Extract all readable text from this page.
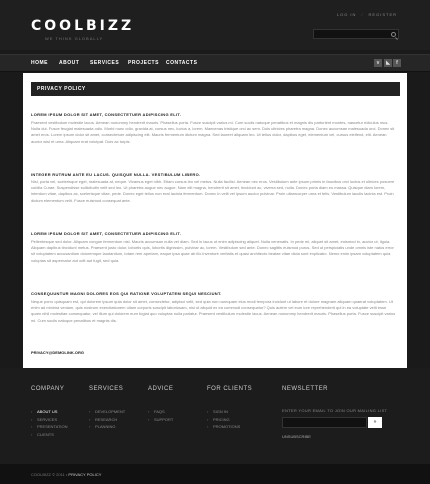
COOLBIZZ
WE THINK GLOBALLY
LOG IN / REGISTER
HOME ABOUT SERVICES PROJECTS CONTACTS	v	◣	f
PRIVACY POLICY
LOREM IPSUM DOLOR SIT AMET, CONSECTETUER ADIPISCING ELIT.
Praesent vestibulum molestie lacus. Aenean nonummy hendrerit mauris. Phasellus porta. Fusce suscipit varius mi. Cum sociis natoque penatibus et magnis dis parturient montes, nascetur ridiculus mus. Nulla dui. Fusce feugiat malesuada odio. Morbi nunc odio, gravida at, cursus nec, luctus a, lorem. Maecenas tristique orci ac sem. Duis ultricies pharetra magna. Donec accumsan malesuada orci. Donec sit amet eros. Lorem ipsum dolor sit amet, consectetuer adipiscing elit. Mauris fermentum dictum magna. Sed laoreet aliquam leo. Ut tellus dolor, dapibus eget, elementum vel, cursus eleifend, elit. Aenean auctor wisi et urna. Aliquam erat volutpat. Duis ac turpis.
INTEGER RUTRUM ANTE EU LACUS. QUISQUE NULLA. VESTIBULUM LIBERO.
Nisl, porta vel, scelerisque eget, malesuada at, neque. Vivamus eget nibh. Etiam cursus leo vel metus. Nulla facilisi. Aenean nec eros. Vestibulum ante ipsum primis in faucibus orci luctus et ultrices posuere cubilia Curae; Suspendisse sollicitudin velit sed leo. Ut pharetra augue nec augue. Nam elit magna, hendrerit sit amet, tincidunt ac, viverra sed, nulla. Donec porta diam eu massa. Quisque diam lorem, interdum vitae, dapibus ac, scelerisque vitae, pede. Donec eget tellus non erat lacinia fermentum. Donec in velit vel ipsum auctor pulvinar. Proin ullamcorper urna et felis. Vestibulum iaculis lacinia est. Proin dictum elementum velit. Fusce euismod consequat ante.
LOREM IPSUM DOLOR SIT AMET, CONSECTETUER ADIPISCING ELIT.
Pellentesque sed dolor. Aliquam congue fermentum nisl. Mauris accumsan nulla vel diam. Sed in lacus ut enim adipiscing aliquet. Nulla venenatis. In pede mi, aliquet sit amet, euismod in, auctor ut, ligula. Aliquam dapibus tincidunt metus. Praesent justo dolor, lobortis quis, lobortis dignissim, pulvinar ac, lorem. Vestibulum sed ante. Donec sagittis euismod purus. Sed ut perspiciatis unde omnis iste natus error sit voluptatem accusantium doloremque laudantium, totam rem aperiam, eaque ipsa quae ab illo inventore veritatis et quasi architecto beatae vitae dicta sunt explicabo. Nemo enim ipsam voluptatem quia voluptas sit aspernatur aut odit aut fugit, sed quia.
CONSEQUUNTUR MAGNI DOLORES EOS QUI RATIONE VOLUPTATEM SEQUI NESCIUNT.
Neque porro quisquam est, qui dolorem ipsum quia dolor sit amet, consectetur, adipisci velit, sed quia non numquam eius modi tempora incidunt ut labore et dolore magnam aliquam quaerat voluptatem. Ut enim ad minima veniam, quis nostrum exercitationem ullam corporis suscipit laboriosam, nisi ut aliquid ex ea commodi consequatur? Quis autem vel eum iure reprehenderit qui in ea voluptate velit esse quam nihil molestiae consequatur, vel illum qui dolorem eum fugiat quo voluptas nulla pariatur. Praesent vestibulum molestie lacus. Aenean nonummy hendrerit mauris. Phasellus porta. Fusce suscipit varius mi. Cum sociis natoque penatibus et magnis dis.
PRIVACY@DEMOLINK.ORG
COMPANY
› ABOUT US
› SERVICES
› PRESENTATION
› CLIENTS
SERVICES
› DEVELOPMENT
› RESEARCH
› PLANNING
ADVICE
› FAQS
› SUPPORT
FOR CLIENTS
› SIGN IN
› PRICING
› PROMOTIONS
NEWSLETTER
ENTER YOUR EMAIL TO JOIN OUR MAILING LIST
»
UNSUBSCRIBE
COOLBIZZ © 2011 • PRIVACY POLICY
